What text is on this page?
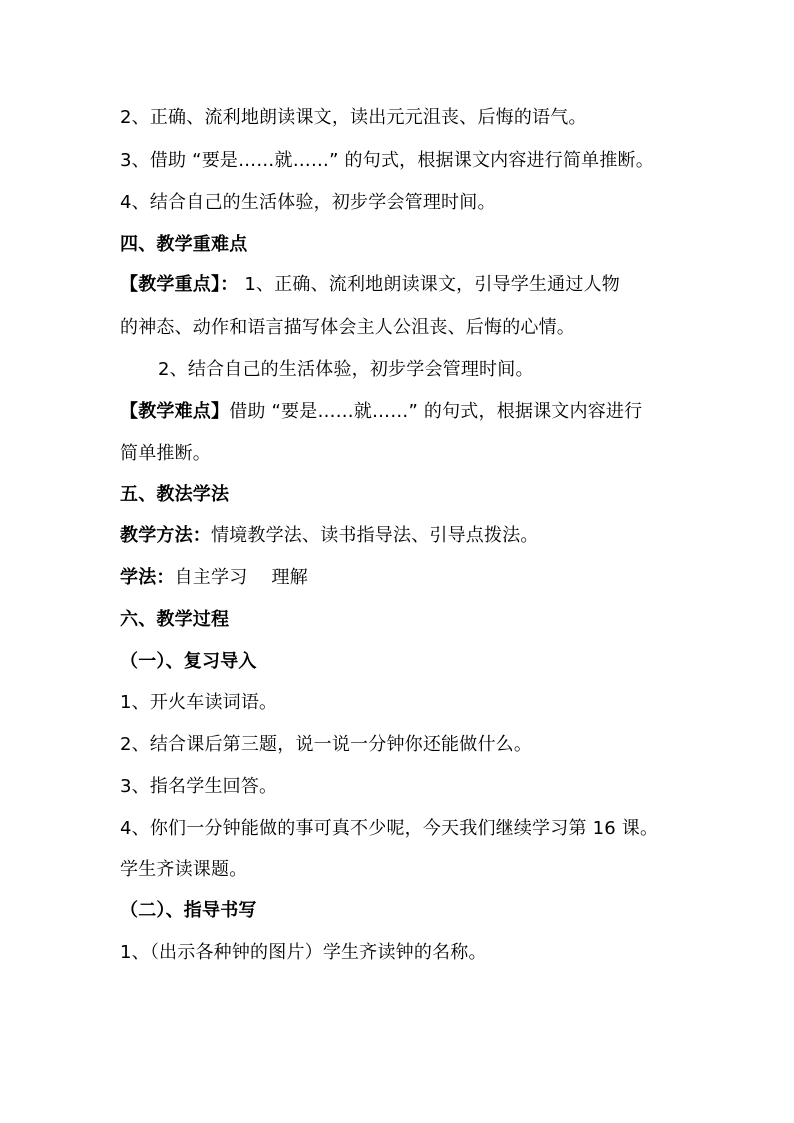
2、正确、流利地朗读课文，读出元元沮丧、后悔的语气。
3、借助 “要是……就……” 的句式，根据课文内容进行简单推断。
4、结合自己的生活体验，初步学会管理时间。
四、教学重难点
【教学重点】： 1、正确、流利地朗读课文，引导学生通过人物
的神态、动作和语言描写体会主人公沮丧、后悔的心情。
2、结合自己的生活体验，初步学会管理时间。
【教学难点】借助 “要是……就……” 的句式，根据课文内容进行
简单推断。
五、教法学法
教学方法：情境教学法、读书指导法、引导点拨法。
学法：自主学习　 理解
六、教学过程
（一）、复习导入
1、开火车读词语。
2、结合课后第三题，说一说一分钟你还能做什么。
3、指名学生回答。
4、你们一分钟能做的事可真不少呢，今天我们继续学习第 16 课。
学生齐读课题。
（二）、指导书写
1、（出示各种钟的图片）学生齐读钟的名称。
